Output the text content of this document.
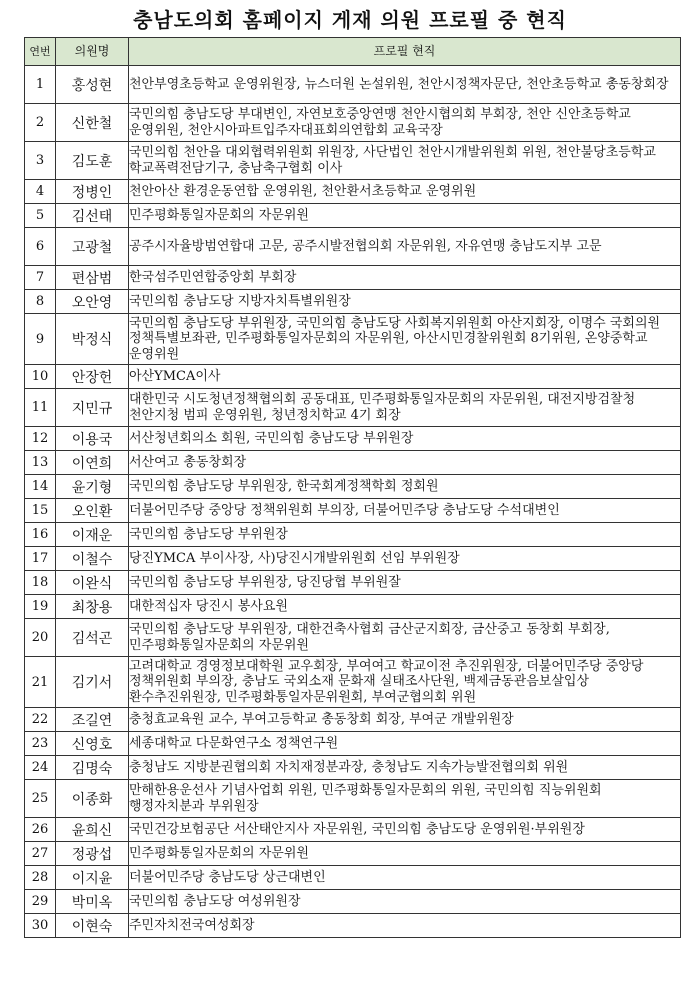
충남도의회 홈페이지 게재 의원 프로필 중 현직
연번	의원명	프로필 현직
1	홍성현	천안부영초등학교 운영위원장, 뉴스더원 논설위원, 천안시정책자문단, 천안초등학교 총동창회장
2	신한철	국민의힘 충남도당 부대변인, 자연보호중앙연맹 천안시협의회 부회장, 천안 신안초등학교 운영위원, 천안시아파트입주자대표회의연합회 교육국장
3	김도훈	국민의힘 천안을 대외협력위원회 위원장, 사단법인 천안시개발위원회 위원, 천안불당초등학교 학교폭력전담기구, 충남축구협회 이사
4	정병인	천안아산 환경운동연합 운영위원, 천안환서초등학교 운영위원
5	김선태	민주평화통일자문회의 자문위원
6	고광철	공주시자율방범연합대 고문, 공주시발전협의회 자문위원, 자유연맹 충남도지부 고문
7	편삼범	한국섬주민연합중앙회 부회장
8	오안영	국민의힘 충남도당 지방자치특별위원장
9	박정식	국민의힘 충남도당 부위원장, 국민의힘 충남도당 사회복지위원회 아산지회장, 이명수 국회의원 정책특별보좌관, 민주평화통일자문회의 자문위원, 아산시민경찰위원회 8기위원, 온양중학교 운영위원
10	안장헌	아산YMCA이사
11	지민규	대한민국 시도청년정책협의회 공동대표, 민주평화통일자문회의 자문위원, 대전지방검찰청 천안지청 범피 운영위원, 청년정치학교 4기 회장
12	이용국	서산청년회의소 회원, 국민의힘 충남도당 부위원장
13	이연희	서산여고 총동창회장
14	윤기형	국민의힘 충남도당 부위원장, 한국회계정책학회 정회원
15	오인환	더불어민주당 중앙당 정책위원회 부의장, 더불어민주당 충남도당 수석대변인
16	이재운	국민의힘 충남도당 부위원장
17	이철수	당진YMCA 부이사장, 사)당진시개발위원회 선임 부위원장
18	이완식	국민의힘 충남도당 부위원장, 당진당협 부위원잘
19	최창용	대한적십자 당진시 봉사요원
20	김석곤	국민의힘 충남도당 부위원장, 대한건축사협회 금산군지회장, 금산중고 동창회 부회장, 민주평화통일자문회의 자문위원
21	김기서	고려대학교 경영정보대학원 교우회장, 부여여고 학교이전 추진위원장, 더불어민주당 중앙당 정책위원회 부의장, 충남도 국외소재 문화재 실태조사단원, 백제금동관음보살입상 환수추진위원장, 민주평화통일자문위원회, 부여군협의회 위원
22	조길연	충청효교육원 교수, 부여고등학교 총동창회 회장, 부여군 개발위원장
23	신영호	세종대학교 다문화연구소 정책연구원
24	김명숙	충청남도 지방분권협의회 자치재정분과장, 충청남도 지속가능발전협의회 위원
25	이종화	만해한용운선사 기념사업회 위원, 민주평화통일자문회의 위원, 국민의힘 직능위원회 행정자치분과 부위원장
26	윤희신	국민건강보험공단 서산태안지사 자문위원, 국민의힘 충남도당 운영위원·부위원장
27	정광섭	민주평화통일자문회의 자문위원
28	이지윤	더불어민주당 충남도당 상근대변인
29	박미옥	국민의힘 충남도당 여성위원장
30	이현숙	주민자치전국여성회장
